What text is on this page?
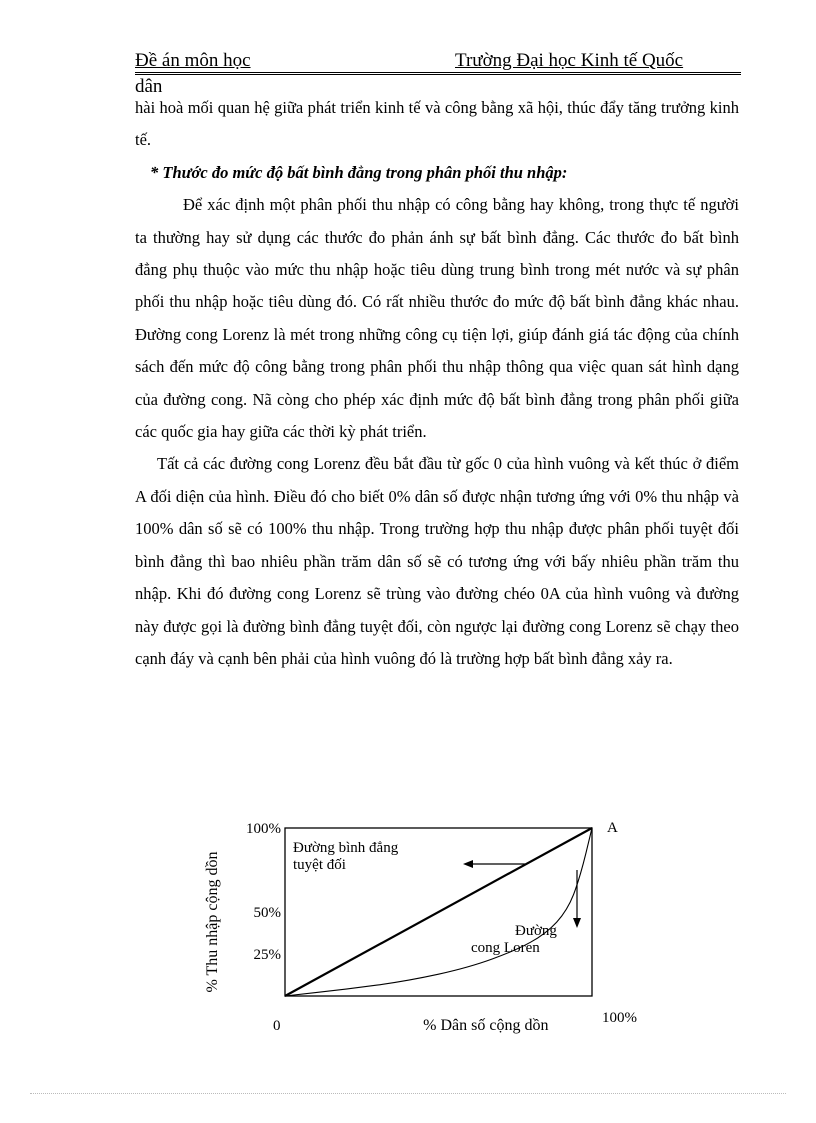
Đề án môn học	Trường Đại học Kinh tế Quốc
dân

hài hoà mối quan hệ giữa phát triển kinh tế và công bằng xã hội, thúc đẩy tăng trưởng kinh tế.

* Thước đo mức độ bất bình đẳng trong phân phối thu nhập:

Để xác định một phân phối thu nhập có công bằng hay không, trong thực tế người ta thường hay sử dụng các thước đo phản ánh sự bất bình đẳng. Các thước đo bất bình đẳng phụ thuộc vào mức thu nhập hoặc tiêu dùng trung bình trong mét nước và sự phân phối thu nhập hoặc tiêu dùng đó. Có rất nhiều thước đo mức độ bất bình đẳng khác nhau. Đường cong Lorenz là mét trong những công cụ tiện lợi, giúp đánh giá tác động của chính sách đến mức độ công bằng trong phân phối thu nhập thông qua việc quan sát hình dạng của đường cong. Nã còng cho phép xác định mức độ bất bình đẳng trong phân phối giữa các quốc gia hay giữa các thời kỳ phát triển.

Tất cả các đường cong Lorenz đều bắt đầu từ gốc 0 của hình vuông và kết thúc ở điểm A đối diện của hình. Điều đó cho biết 0% dân số được nhận tương ứng với 0% thu nhập và 100% dân số sẽ có 100% thu nhập. Trong trường hợp thu nhập được phân phối tuyệt đối bình đẳng thì bao nhiêu phần trăm dân số sẽ có tương ứng với bấy nhiêu phần trăm thu nhập. Khi đó đường cong Lorenz sẽ trùng vào đường chéo 0A của hình vuông và đường này được gọi là đường bình đẳng tuyệt đối, còn ngược lại đường cong Lorenz sẽ chạy theo cạnh đáy và cạnh bên phải của hình vuông đó là trường hợp bất bình đẳng xảy ra.

100%
50%
25%
0	100%
Đường bình đẳng
tuyệt đối
Đường
cong Loren
A
% Dân số cộng dồn
% Thu nhập cộng dồn
